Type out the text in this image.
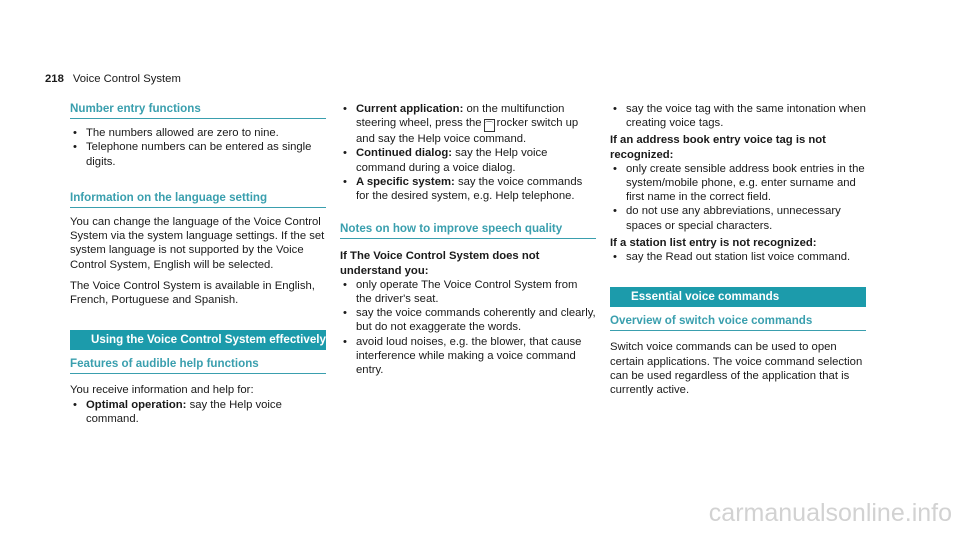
218 Voice Control System
Number entry functions
• The numbers allowed are zero to nine.
• Telephone numbers can be entered as single digits.
Information on the language setting

You can change the language of the Voice Control System via the system language settings. If the set system language is not supported by the Voice Control System, English will be selected.

The Voice Control System is available in English, French, Portuguese and Spanish.

Using the Voice Control System effectively
Features of audible help functions

You receive information and help for:

• Optimal operation: say the Help voice command.
• Current application: on the multifunction steering wheel, press the ⌒ rocker switch up and say the Help voice command.
• Continued dialog: say the Help voice command during a voice dialog.
• A specific system: say the voice commands for the desired system, e.g. Help telephone.
Notes on how to improve speech quality

If The Voice Control System does not understand you:

• only operate The Voice Control System from the driver's seat.
• say the voice commands coherently and clearly, but do not exaggerate the words.
• avoid loud noises, e.g. the blower, that cause interference while making a voice command entry.
• say the voice tag with the same intonation when creating voice tags.

If an address book entry voice tag is not recognized:

• only create sensible address book entries in the system/mobile phone, e.g. enter surname and first name in the correct field.
• do not use any abbreviations, unnecessary spaces or special characters.

If a station list entry is not recognized:

• say the Read out station list voice command.
Essential voice commands
Overview of switch voice commands

Switch voice commands can be used to open certain applications. The voice command selection can be used regardless of the application that is currently active.

carmanualsonline.info
